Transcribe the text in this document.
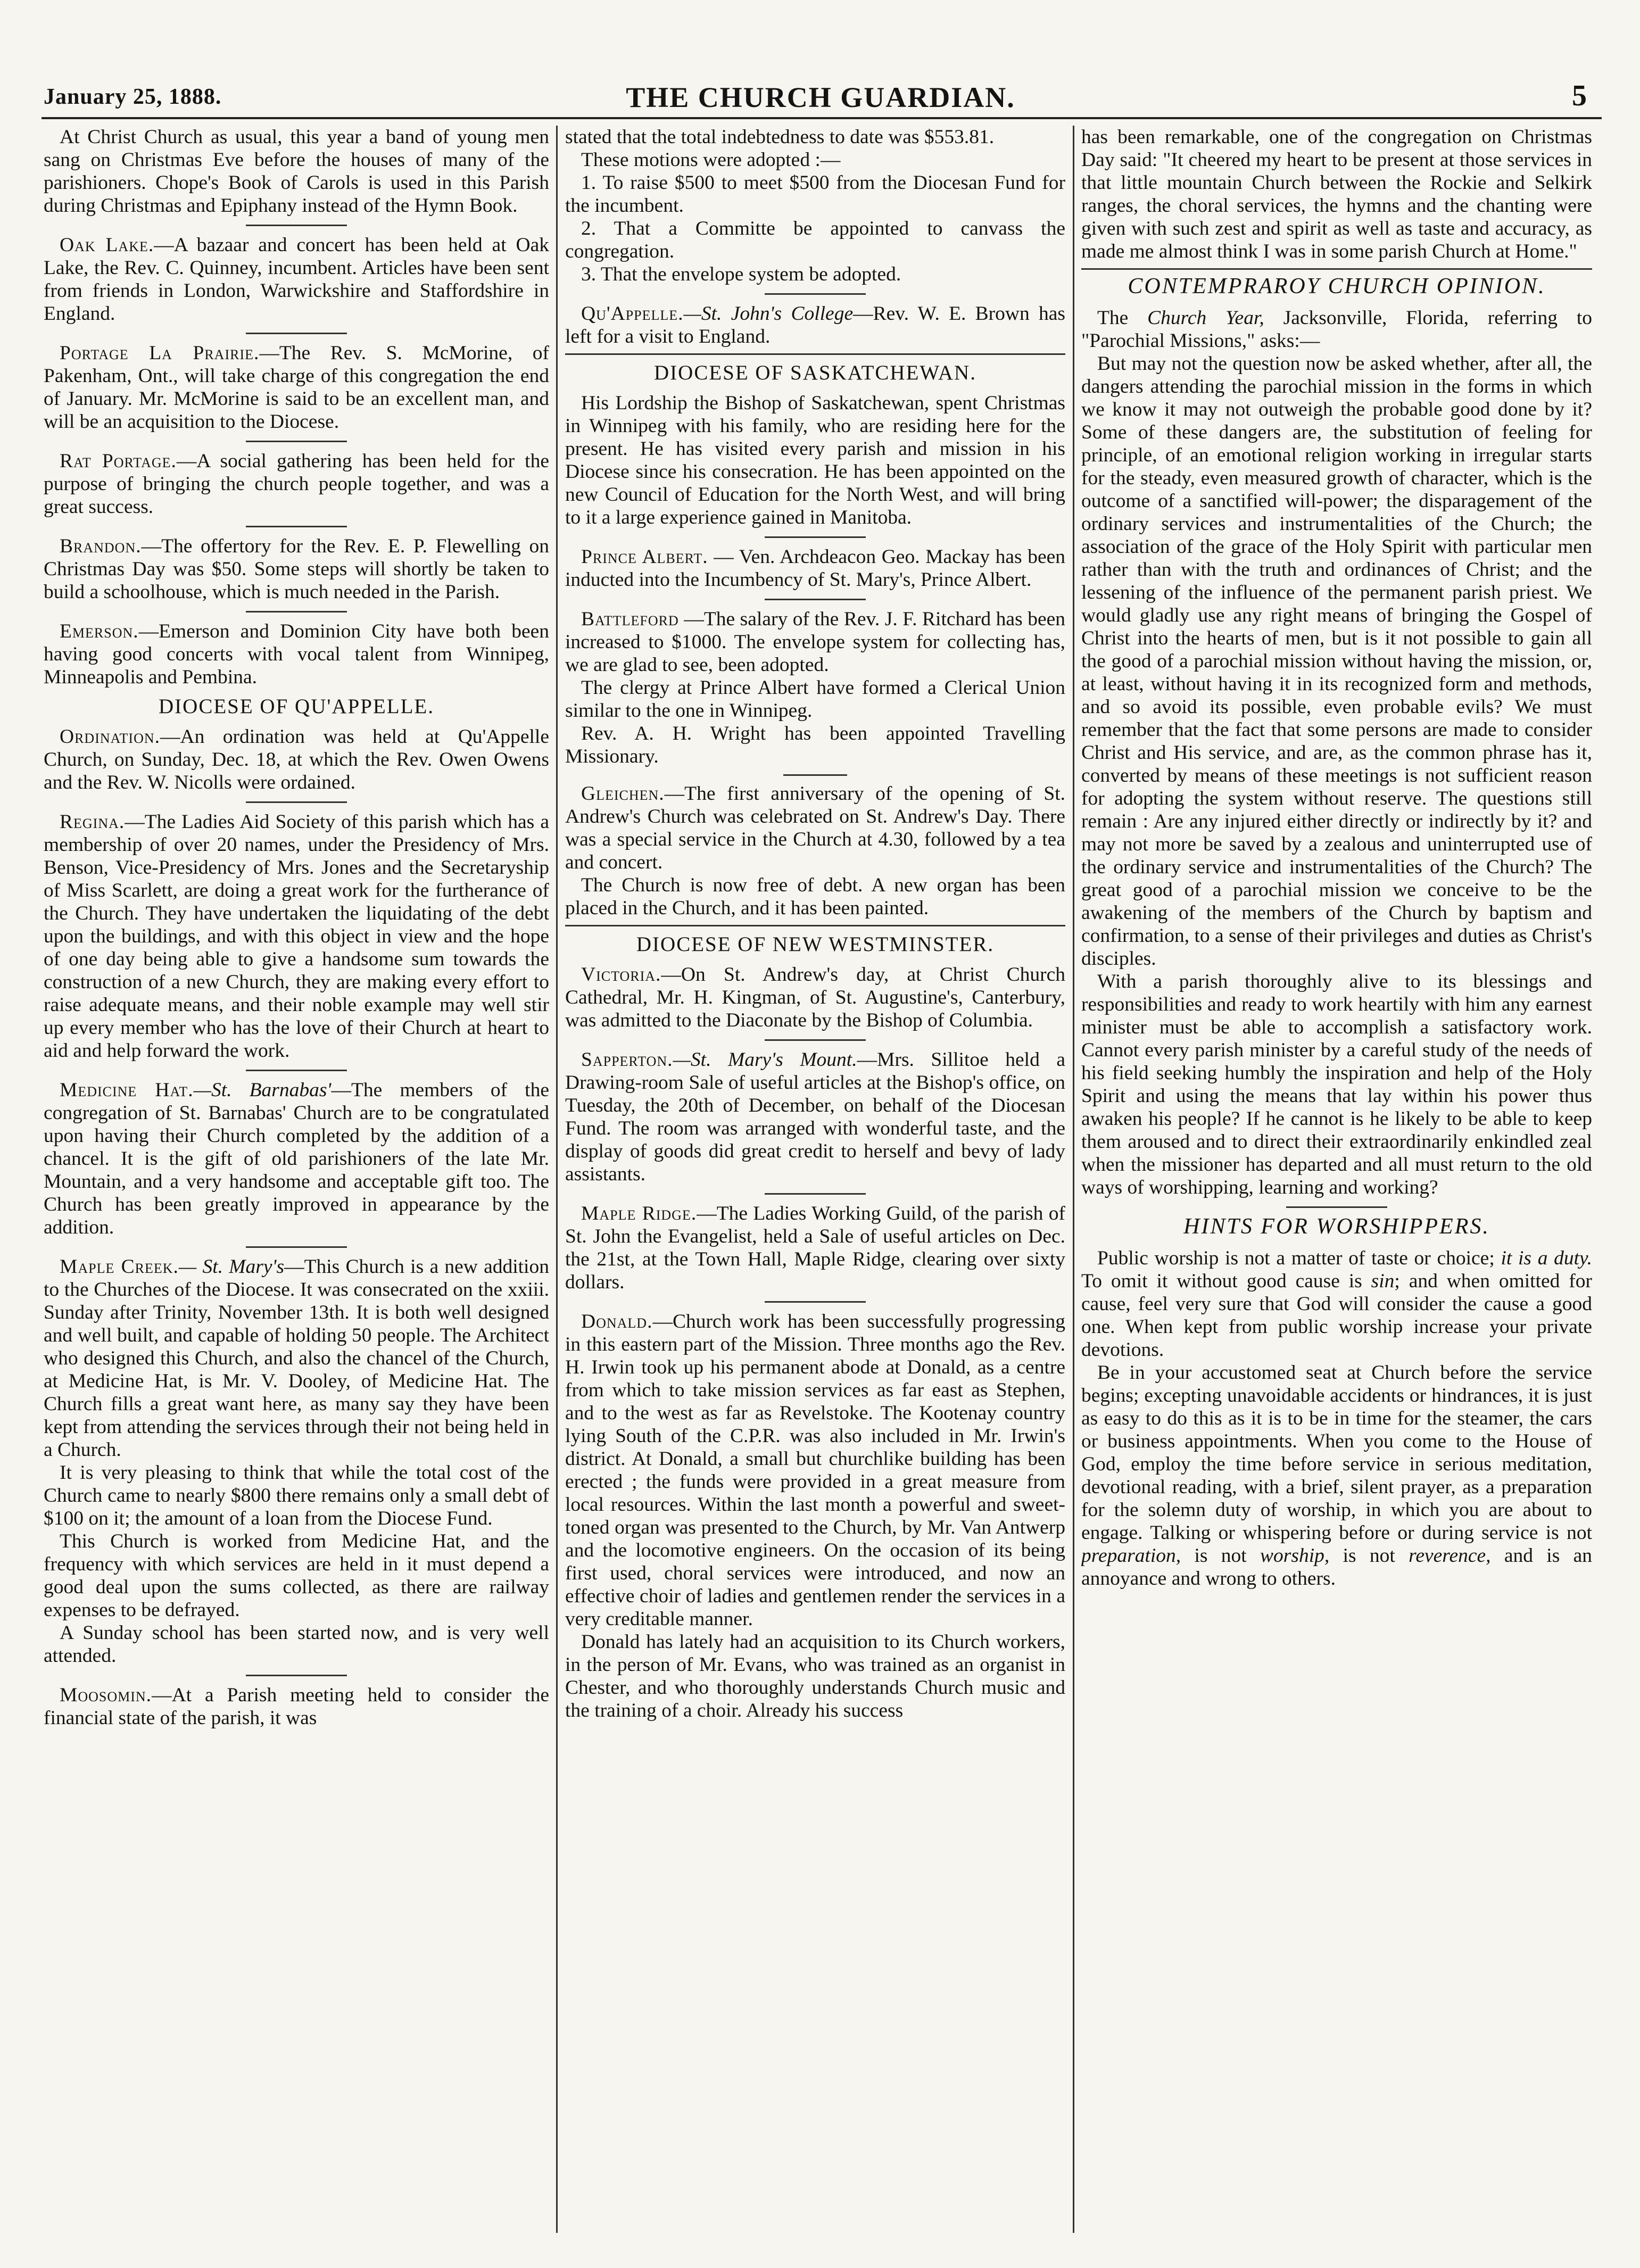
January 25, 1888.	THE CHURCH GUARDIAN.	5

At Christ Church as usual, this year a band of young men sang on Christmas Eve before the houses of many of the parishioners. Chope's Book of Carols is used in this Parish during Christmas and Epiphany instead of the Hymn Book.

Oak Lake.—A bazaar and concert has been held at Oak Lake, the Rev. C. Quinney, incumbent. Articles have been sent from friends in London, Warwickshire and Staffordshire in England.

Portage La Prairie.—The Rev. S. McMorine, of Pakenham, Ont., will take charge of this congregation the end of January. Mr. McMorine is said to be an excellent man, and will be an acquisition to the Diocese.

Rat Portage.—A social gathering has been held for the purpose of bringing the church people together, and was a great success.

Brandon.—The offertory for the Rev. E. P. Flewelling on Christmas Day was $50. Some steps will shortly be taken to build a schoolhouse, which is much needed in the Parish.

Emerson.—Emerson and Dominion City have both been having good concerts with vocal talent from Winnipeg, Minneapolis and Pembina.

DIOCESE OF QU'APPELLE.

Ordination.—An ordination was held at Qu'Appelle Church, on Sunday, Dec. 18, at which the Rev. Owen Owens and the Rev. W. Nicolls were ordained.

Regina.—The Ladies Aid Society of this parish which has a membership of over 20 names, under the Presidency of Mrs. Benson, Vice-Presidency of Mrs. Jones and the Secretaryship of Miss Scarlett, are doing a great work for the furtherance of the Church. They have undertaken the liquidating of the debt upon the buildings, and with this object in view and the hope of one day being able to give a handsome sum towards the construction of a new Church, they are making every effort to raise adequate means, and their noble example may well stir up every member who has the love of their Church at heart to aid and help forward the work.

Medicine Hat.—St. Barnabas'—The members of the congregation of St. Barnabas' Church are to be congratulated upon having their Church completed by the addition of a chancel. It is the gift of old parishioners of the late Mr. Mountain, and a very handsome and acceptable gift too. The Church has been greatly improved in appearance by the addition.

Maple Creek.— St. Mary's—This Church is a new addition to the Churches of the Diocese. It was consecrated on the xxiii. Sunday after Trinity, November 13th. It is both well designed and well built, and capable of holding 50 people. The Architect who designed this Church, and also the chancel of the Church, at Medicine Hat, is Mr. V. Dooley, of Medicine Hat. The Church fills a great want here, as many say they have been kept from attending the services through their not being held in a Church.

It is very pleasing to think that while the total cost of the Church came to nearly $800 there remains only a small debt of $100 on it; the amount of a loan from the Diocese Fund.

This Church is worked from Medicine Hat, and the frequency with which services are held in it must depend a good deal upon the sums collected, as there are railway expenses to be defrayed.

A Sunday school has been started now, and is very well attended.

Moosomin.—At a Parish meeting held to consider the financial state of the parish, it was

stated that the total indebtedness to date was $553.81.

These motions were adopted :—

1. To raise $500 to meet $500 from the Diocesan Fund for the incumbent.

2. That a Committe be appointed to canvass the congregation.

3. That the envelope system be adopted.

Qu'Appelle.—St. John's College—Rev. W. E. Brown has left for a visit to England.

DIOCESE OF SASKATCHEWAN.

His Lordship the Bishop of Saskatchewan, spent Christmas in Winnipeg with his family, who are residing here for the present. He has visited every parish and mission in his Diocese since his consecration. He has been appointed on the new Council of Education for the North West, and will bring to it a large experience gained in Manitoba.

Prince Albert. — Ven. Archdeacon Geo. Mackay has been inducted into the Incumbency of St. Mary's, Prince Albert.

Battleford —The salary of the Rev. J. F. Ritchard has been increased to $1000. The envelope system for collecting has, we are glad to see, been adopted.

The clergy at Prince Albert have formed a Clerical Union similar to the one in Winnipeg.

Rev. A. H. Wright has been appointed Travelling Missionary.

Gleichen.—The first anniversary of the opening of St. Andrew's Church was celebrated on St. Andrew's Day. There was a special service in the Church at 4.30, followed by a tea and concert.

The Church is now free of debt. A new organ has been placed in the Church, and it has been painted.

DIOCESE OF NEW WESTMINSTER.

Victoria.—On St. Andrew's day, at Christ Church Cathedral, Mr. H. Kingman, of St. Augustine's, Canterbury, was admitted to the Diaconate by the Bishop of Columbia.

Sapperton.—St. Mary's Mount.—Mrs. Sillitoe held a Drawing-room Sale of useful articles at the Bishop's office, on Tuesday, the 20th of December, on behalf of the Diocesan Fund. The room was arranged with wonderful taste, and the display of goods did great credit to herself and bevy of lady assistants.

Maple Ridge.—The Ladies Working Guild, of the parish of St. John the Evangelist, held a Sale of useful articles on Dec. the 21st, at the Town Hall, Maple Ridge, clearing over sixty dollars.

Donald.—Church work has been successfully progressing in this eastern part of the Mission. Three months ago the Rev. H. Irwin took up his permanent abode at Donald, as a centre from which to take mission services as far east as Stephen, and to the west as far as Revelstoke. The Kootenay country lying South of the C.P.R. was also included in Mr. Irwin's district. At Donald, a small but churchlike building has been erected ; the funds were provided in a great measure from local resources. Within the last month a powerful and sweet-toned organ was presented to the Church, by Mr. Van Antwerp and the locomotive engineers. On the occasion of its being first used, choral services were introduced, and now an effective choir of ladies and gentlemen render the services in a very creditable manner.

Donald has lately had an acquisition to its Church workers, in the person of Mr. Evans, who was trained as an organist in Chester, and who thoroughly understands Church music and the training of a choir. Already his success

has been remarkable, one of the congregation on Christmas Day said: "It cheered my heart to be present at those services in that little mountain Church between the Rockie and Selkirk ranges, the choral services, the hymns and the chanting were given with such zest and spirit as well as taste and accuracy, as made me almost think I was in some parish Church at Home."

CONTEMPRAROY CHURCH OPINION.

The Church Year, Jacksonville, Florida, referring to "Parochial Missions," asks:—

But may not the question now be asked whether, after all, the dangers attending the parochial mission in the forms in which we know it may not outweigh the probable good done by it? Some of these dangers are, the substitution of feeling for principle, of an emotional religion working in irregular starts for the steady, even measured growth of character, which is the outcome of a sanctified will-power; the disparagement of the ordinary services and instrumentalities of the Church; the association of the grace of the Holy Spirit with particular men rather than with the truth and ordinances of Christ; and the lessening of the influence of the permanent parish priest. We would gladly use any right means of bringing the Gospel of Christ into the hearts of men, but is it not possible to gain all the good of a parochial mission without having the mission, or, at least, without having it in its recognized form and methods, and so avoid its possible, even probable evils? We must remember that the fact that some persons are made to consider Christ and His service, and are, as the common phrase has it, converted by means of these meetings is not sufficient reason for adopting the system without reserve. The questions still remain : Are any injured either directly or indirectly by it? and may not more be saved by a zealous and uninterrupted use of the ordinary service and instrumentalities of the Church? The great good of a parochial mission we conceive to be the awakening of the members of the Church by baptism and confirmation, to a sense of their privileges and duties as Christ's disciples.

With a parish thoroughly alive to its blessings and responsibilities and ready to work heartily with him any earnest minister must be able to accomplish a satisfactory work. Cannot every parish minister by a careful study of the needs of his field seeking humbly the inspiration and help of the Holy Spirit and using the means that lay within his power thus awaken his people? If he cannot is he likely to be able to keep them aroused and to direct their extraordinarily enkindled zeal when the missioner has departed and all must return to the old ways of worshipping, learning and working?

HINTS FOR WORSHIPPERS.

Public worship is not a matter of taste or choice; it is a duty. To omit it without good cause is sin; and when omitted for cause, feel very sure that God will consider the cause a good one. When kept from public worship increase your private devotions.

Be in your accustomed seat at Church before the service begins; excepting unavoidable accidents or hindrances, it is just as easy to do this as it is to be in time for the steamer, the cars or business appointments. When you come to the House of God, employ the time before service in serious meditation, devotional reading, with a brief, silent prayer, as a preparation for the solemn duty of worship, in which you are about to engage. Talking or whispering before or during service is not preparation, is not worship, is not reverence, and is an annoyance and wrong to others.
